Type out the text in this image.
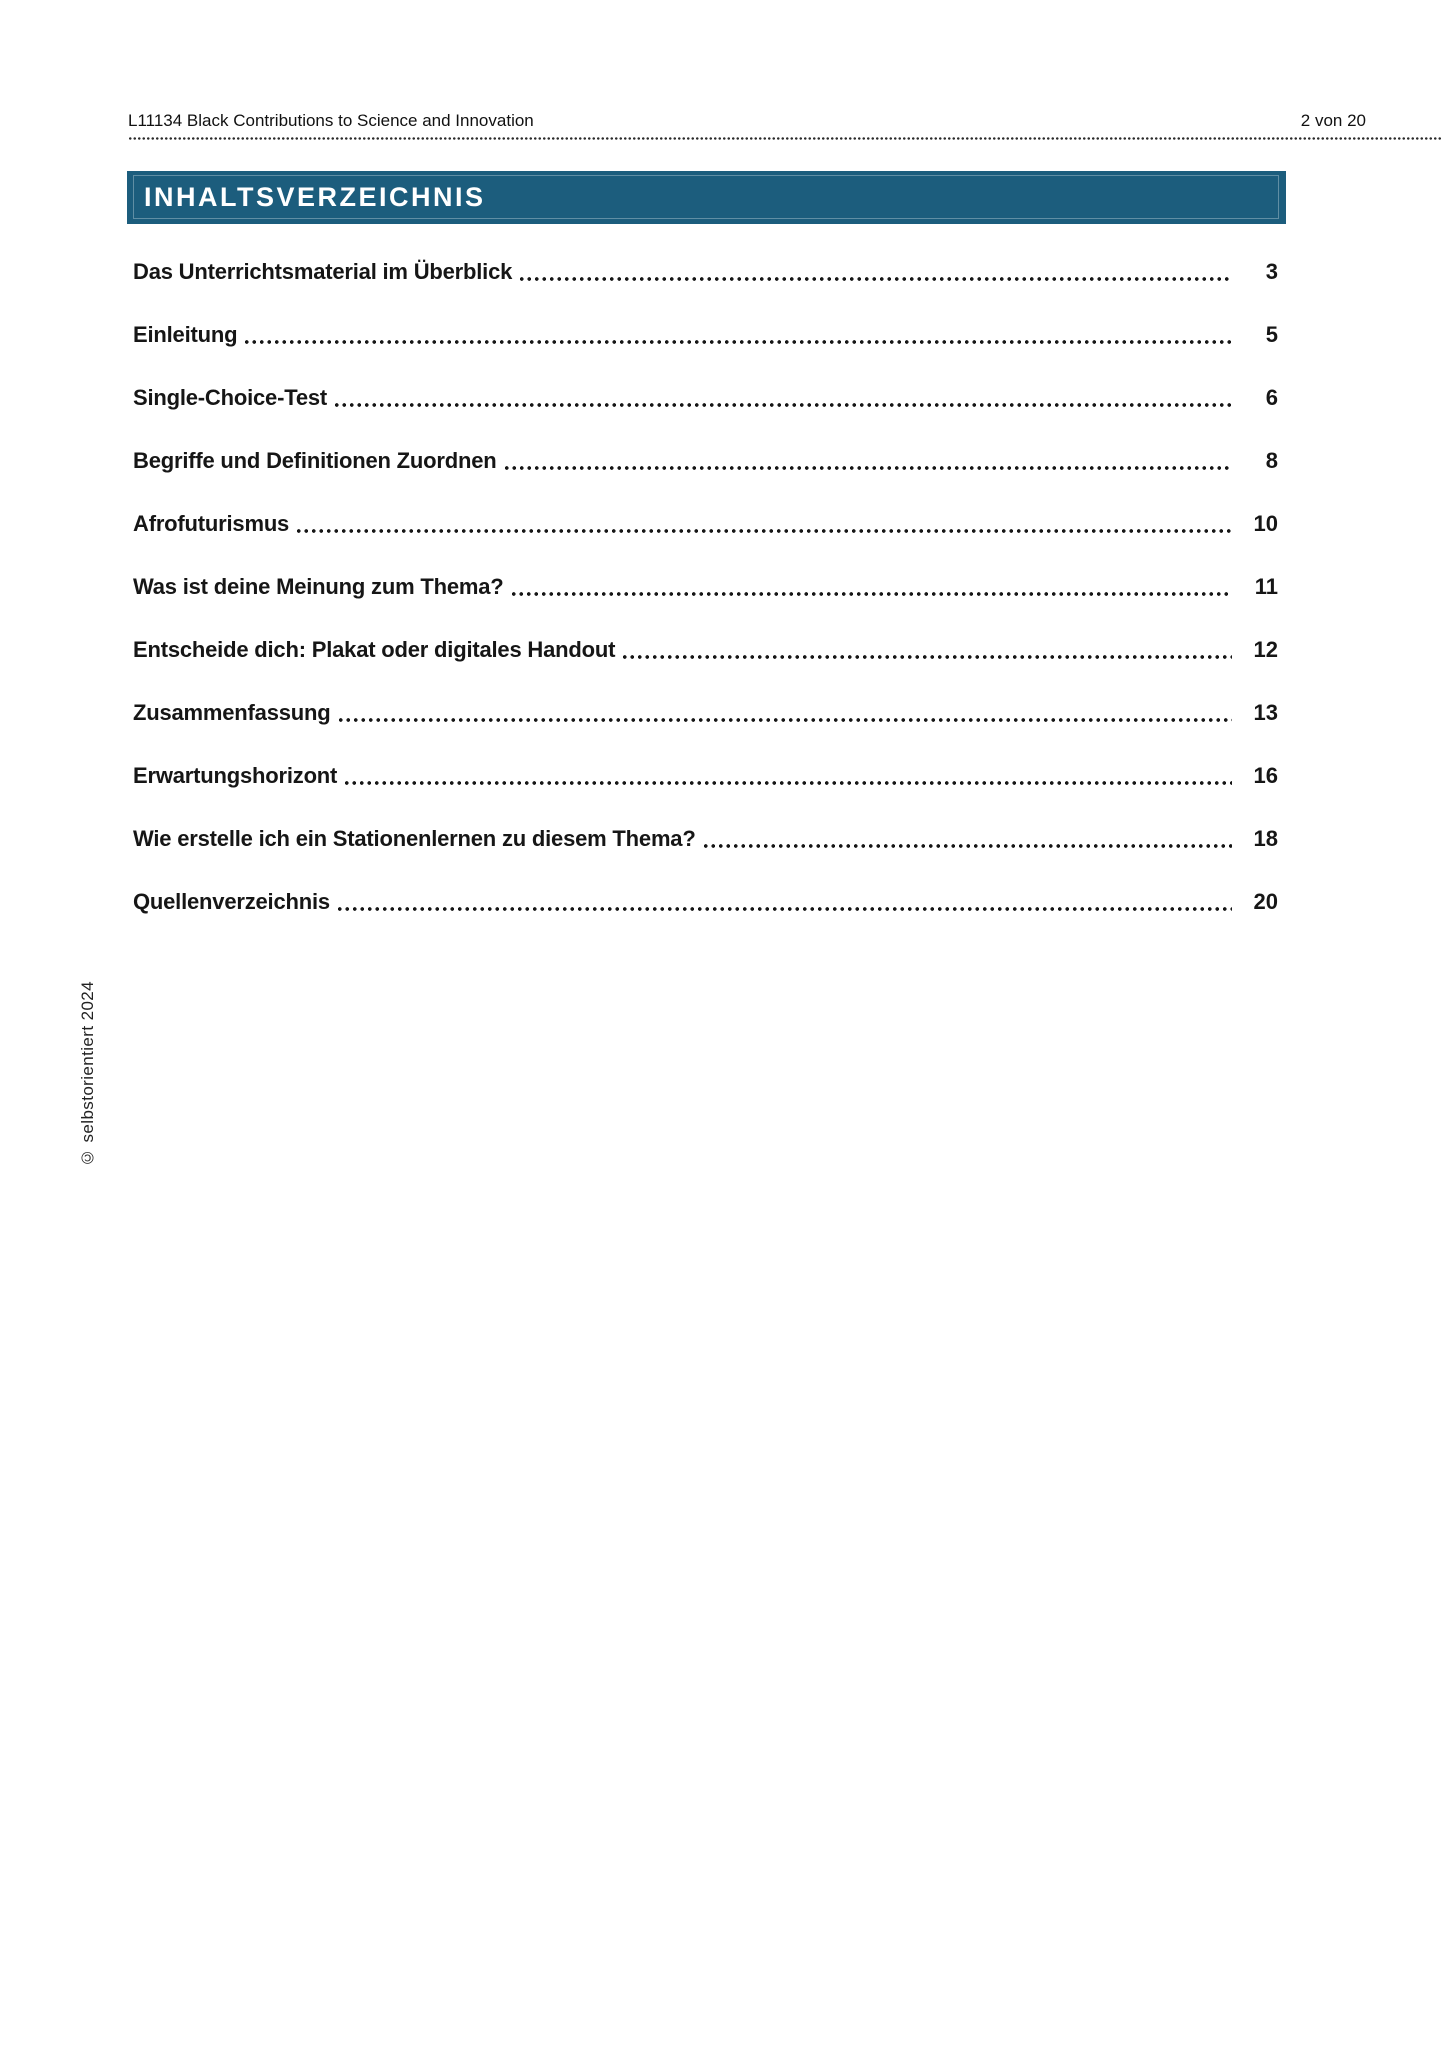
L11134 Black Contributions to Science and Innovation	2 von 20
INHALTSVERZEICHNIS
Das Unterrichtsmaterial im Überblick	3
Einleitung	5
Single-Choice-Test	6
Begriffe und Definitionen Zuordnen	8
Afrofuturismus	10
Was ist deine Meinung zum Thema?	11
Entscheide dich: Plakat oder digitales Handout	12
Zusammenfassung	13
Erwartungshorizont	16
Wie erstelle ich ein Stationenlernen zu diesem Thema?	18
Quellenverzeichnis	20
© selbstorientiert 2024
